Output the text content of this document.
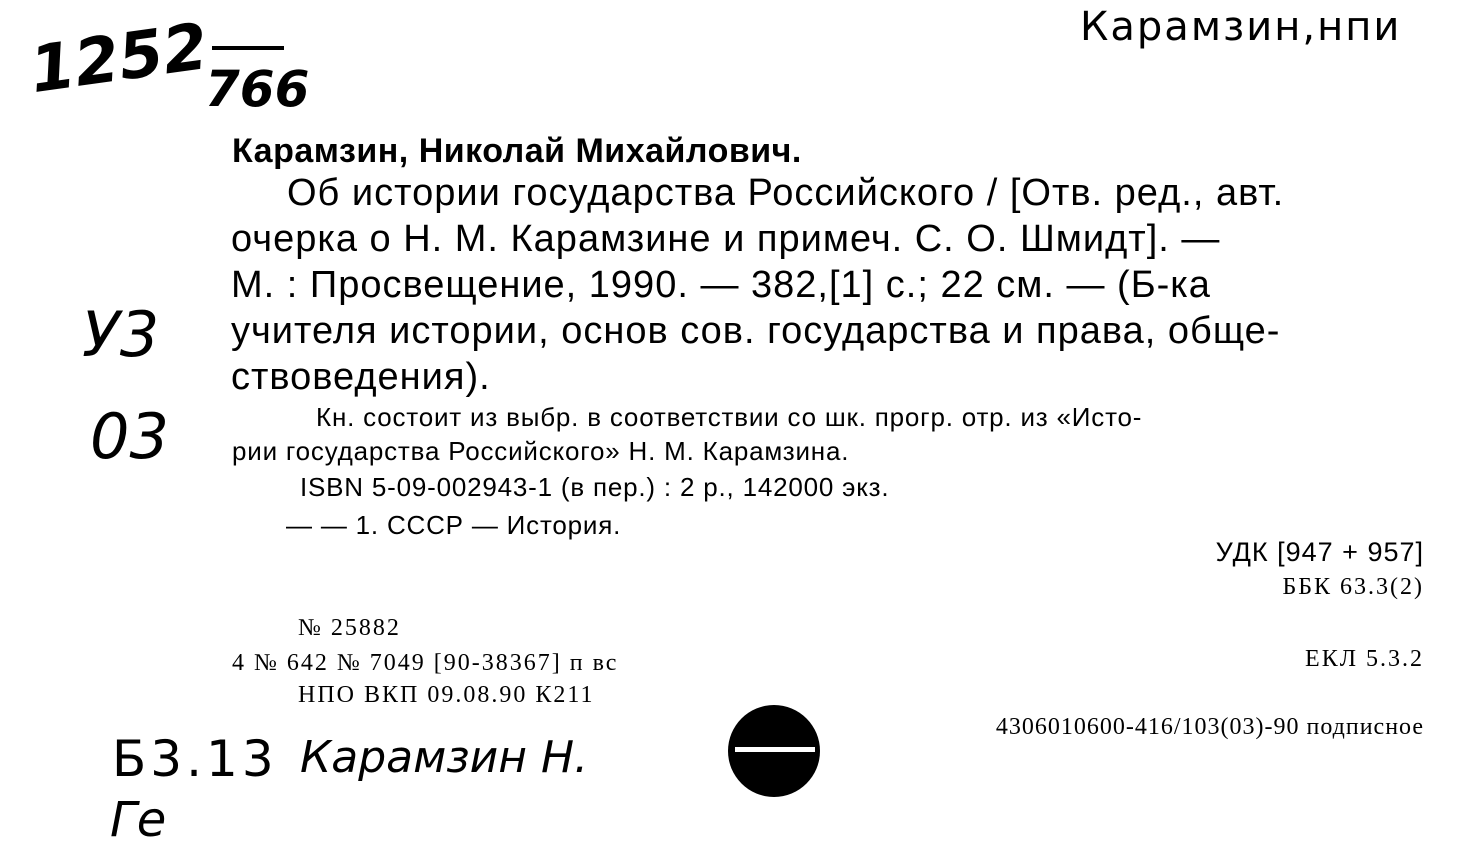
1252
766
Карамзин,нпи
У3
03
Б3.13 Карамзин Н.
Ге
Карамзин, Николай Михайлович.
Об истории государства Российского / [Отв. ред., авт.
очерка о Н. М. Карамзине и примеч. С. О. Шмидт]. —
М. : Просвещение, 1990. — 382,[1] с.; 22 см. — (Б-ка
учителя истории, основ сов. государства и права, обще-
ствоведения).
Кн. состоит из выбр. в соответствии со шк. прогр. отр. из «Исто-
рии государства Российского» Н. М. Карамзина.
ISBN 5-09-002943-1 (в пер.) : 2 р., 142000 экз.
— — 1. СССР — История.
УДК [947 + 957]
ББК 63.3(2)
№ 25882
4 № 642 № 7049 [90-38367] п вс	ЕКЛ 5.3.2
НПО ВКП 09.08.90 К211
4306010600-416/103(03)-90 подписное
